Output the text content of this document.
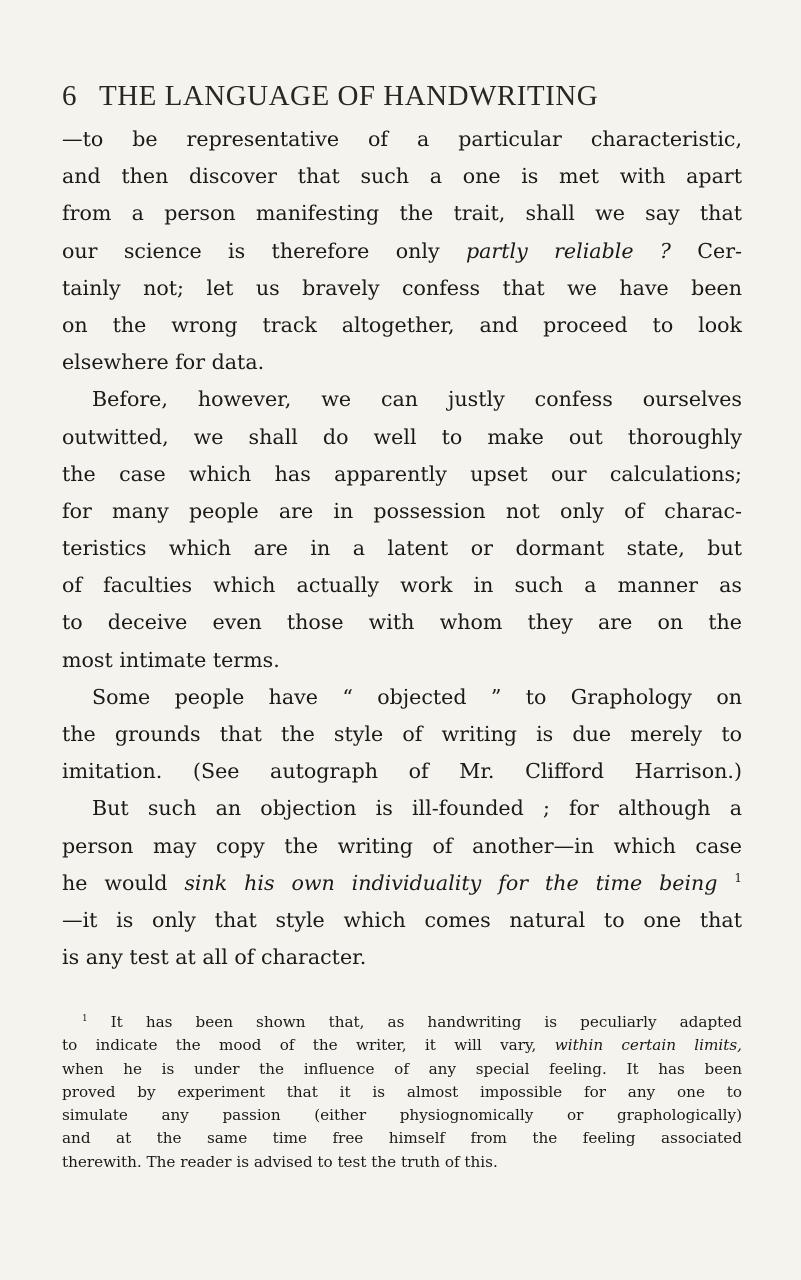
6 THE LANGUAGE OF HANDWRITING
—to be representative of a particular characteristic,
and then discover that such a one is met with apart
from a person manifesting the trait, shall we say that
our science is therefore only partly reliable ? Cer-
tainly not; let us bravely confess that we have been
on the wrong track altogether, and proceed to look
elsewhere for data.
Before, however, we can justly confess ourselves
outwitted, we shall do well to make out thoroughly
the case which has apparently upset our calculations;
for many people are in possession not only of charac-
teristics which are in a latent or dormant state, but
of faculties which actually work in such a manner as
to deceive even those with whom they are on the
most intimate terms.
Some people have “ objected ” to Graphology on
the grounds that the style of writing is due merely to
imitation. (See autograph of Mr. Clifford Harrison.)
But such an objection is ill-founded ; for although a
person may copy the writing of another—in which case
he would sink his own individuality for the time being $^1$
—it is only that style which comes natural to one that
is any test at all of character.
$^1$ It has been shown that, as handwriting is peculiarly adapted
to indicate the mood of the writer, it will vary, within certain limits,
when he is under the influence of any special feeling. It has been
proved by experiment that it is almost impossible for any one to
simulate any passion (either physiognomically or graphologically)
and at the same time free himself from the feeling associated
therewith. The reader is advised to test the truth of this.
